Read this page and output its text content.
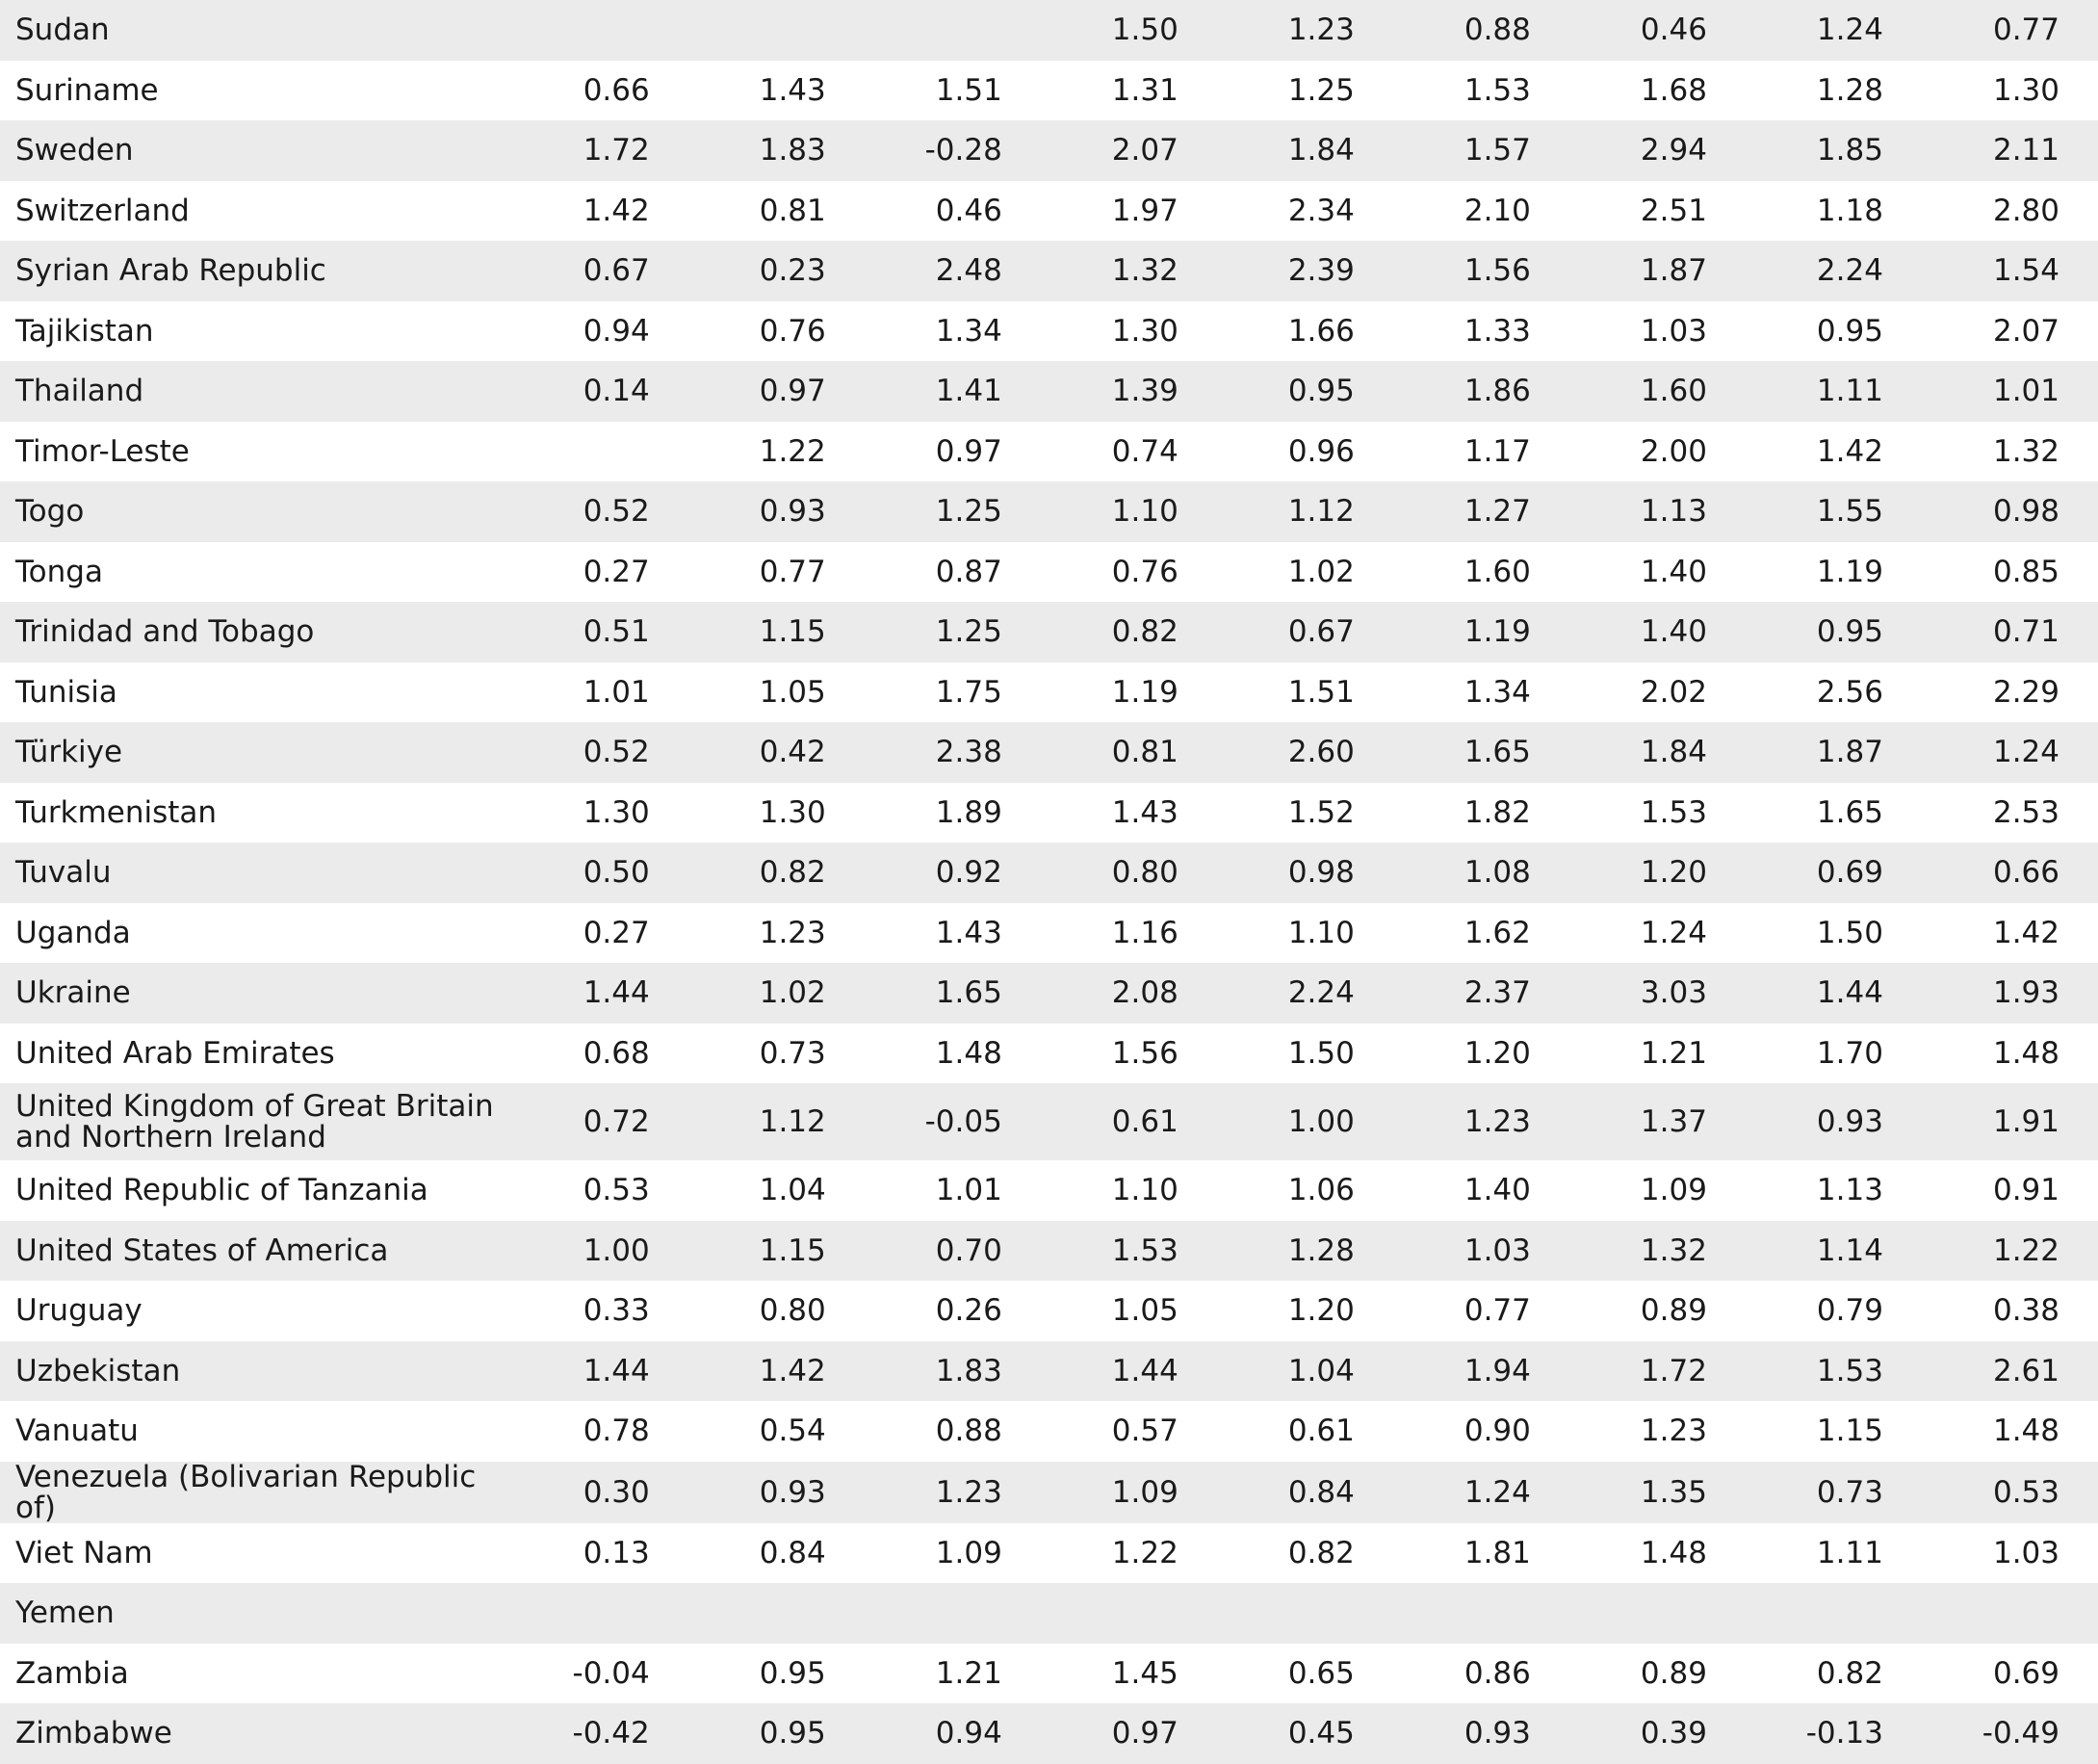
Sudan				1.50	1.23	0.88	0.46	1.24	0.77
Suriname	0.66	1.43	1.51	1.31	1.25	1.53	1.68	1.28	1.30
Sweden	1.72	1.83	-0.28	2.07	1.84	1.57	2.94	1.85	2.11
Switzerland	1.42	0.81	0.46	1.97	2.34	2.10	2.51	1.18	2.80
Syrian Arab Republic	0.67	0.23	2.48	1.32	2.39	1.56	1.87	2.24	1.54
Tajikistan	0.94	0.76	1.34	1.30	1.66	1.33	1.03	0.95	2.07
Thailand	0.14	0.97	1.41	1.39	0.95	1.86	1.60	1.11	1.01
Timor-Leste		1.22	0.97	0.74	0.96	1.17	2.00	1.42	1.32
Togo	0.52	0.93	1.25	1.10	1.12	1.27	1.13	1.55	0.98
Tonga	0.27	0.77	0.87	0.76	1.02	1.60	1.40	1.19	0.85
Trinidad and Tobago	0.51	1.15	1.25	0.82	0.67	1.19	1.40	0.95	0.71
Tunisia	1.01	1.05	1.75	1.19	1.51	1.34	2.02	2.56	2.29
Türkiye	0.52	0.42	2.38	0.81	2.60	1.65	1.84	1.87	1.24
Turkmenistan	1.30	1.30	1.89	1.43	1.52	1.82	1.53	1.65	2.53
Tuvalu	0.50	0.82	0.92	0.80	0.98	1.08	1.20	0.69	0.66
Uganda	0.27	1.23	1.43	1.16	1.10	1.62	1.24	1.50	1.42
Ukraine	1.44	1.02	1.65	2.08	2.24	2.37	3.03	1.44	1.93
United Arab Emirates	0.68	0.73	1.48	1.56	1.50	1.20	1.21	1.70	1.48
United Kingdom of Great Britain and Northern Ireland	0.72	1.12	-0.05	0.61	1.00	1.23	1.37	0.93	1.91
United Republic of Tanzania	0.53	1.04	1.01	1.10	1.06	1.40	1.09	1.13	0.91
United States of America	1.00	1.15	0.70	1.53	1.28	1.03	1.32	1.14	1.22
Uruguay	0.33	0.80	0.26	1.05	1.20	0.77	0.89	0.79	0.38
Uzbekistan	1.44	1.42	1.83	1.44	1.04	1.94	1.72	1.53	2.61
Vanuatu	0.78	0.54	0.88	0.57	0.61	0.90	1.23	1.15	1.48
Venezuela (Bolivarian Republic of)	0.30	0.93	1.23	1.09	0.84	1.24	1.35	0.73	0.53
Viet Nam	0.13	0.84	1.09	1.22	0.82	1.81	1.48	1.11	1.03
Yemen									
Zambia	-0.04	0.95	1.21	1.45	0.65	0.86	0.89	0.82	0.69
Zimbabwe	-0.42	0.95	0.94	0.97	0.45	0.93	0.39	-0.13	-0.49
